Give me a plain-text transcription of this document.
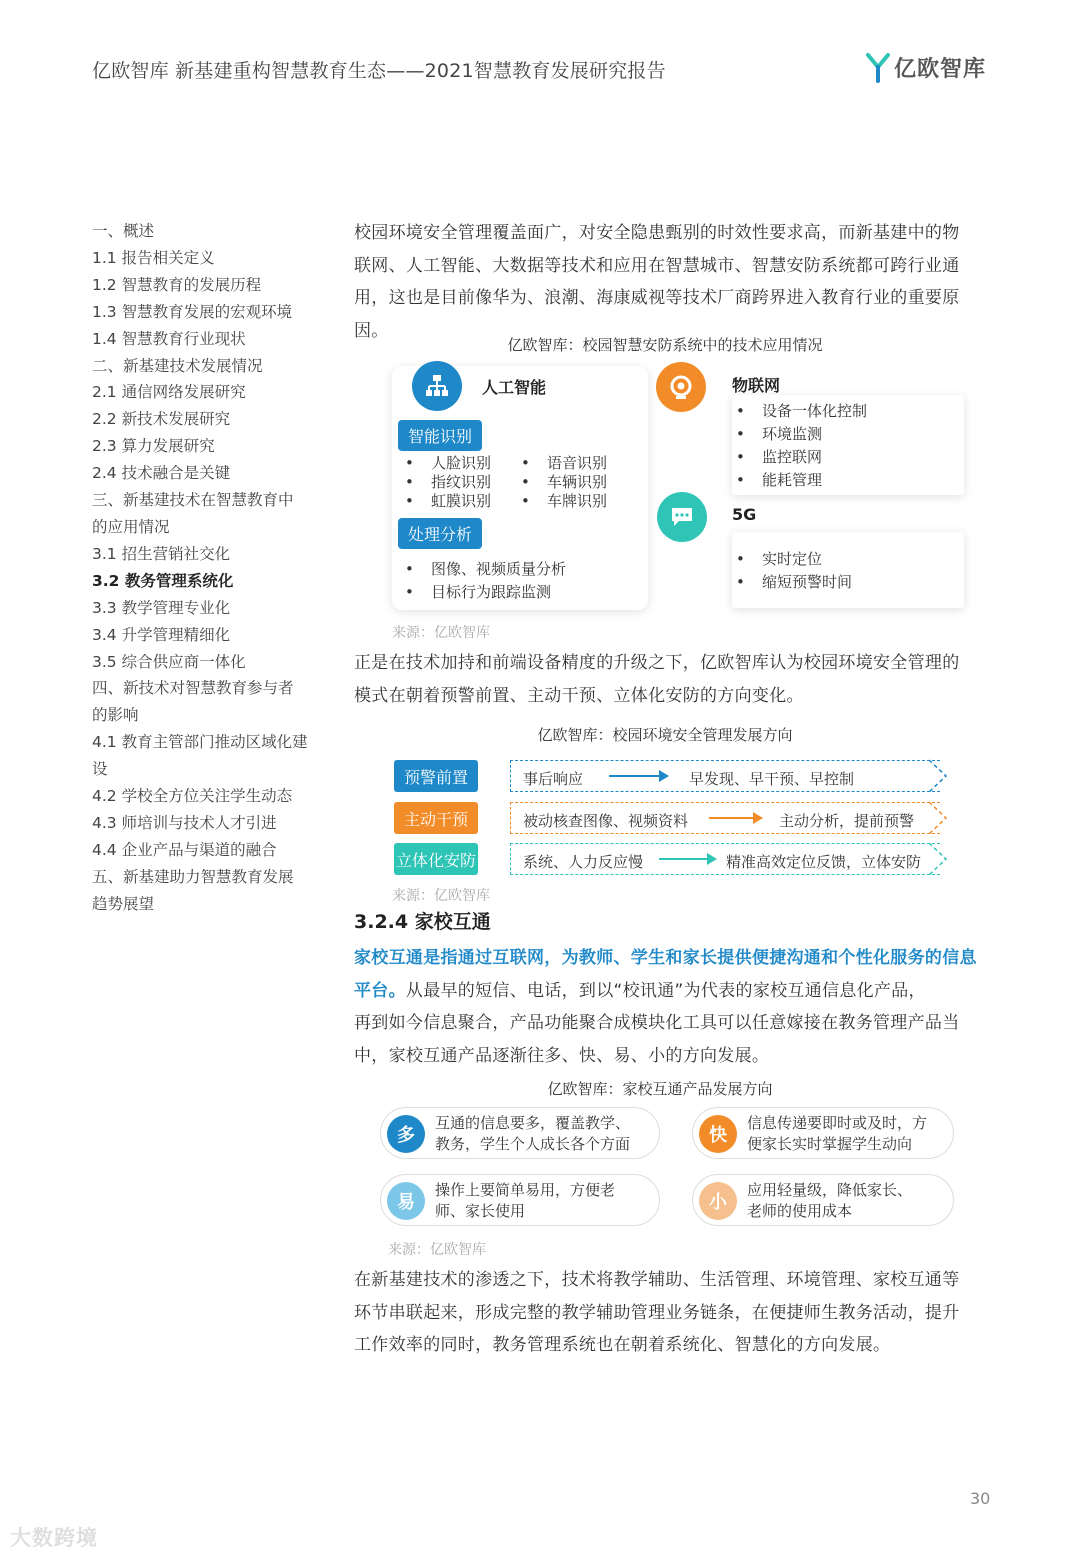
亿欧智库 新基建重构智慧教育生态——2021智慧教育发展研究报告	亿欧智库
一、概述
1.1 报告相关定义
1.2 智慧教育的发展历程
1.3 智慧教育发展的宏观环境
1.4 智慧教育行业现状
二、新基建技术发展情况
2.1 通信网络发展研究
2.2 新技术发展研究
2.3 算力发展研究
2.4 技术融合是关键
三、新基建技术在智慧教育中
的应用情况
3.1 招生营销社交化
3.2 教务管理系统化
3.3 教学管理专业化
3.4 升学管理精细化
3.5 综合供应商一体化
四、新技术对智慧教育参与者
的影响
4.1 教育主管部门推动区域化建
设
4.2 学校全方位关注学生动态
4.3 师培训与技术人才引进
4.4 企业产品与渠道的融合
五、新基建助力智慧教育发展
趋势展望
校园环境安全管理覆盖面广，对安全隐患甄别的时效性要求高，而新基建中的物
联网、人工智能、大数据等技术和应用在智慧城市、智慧安防系统都可跨行业通
用，这也是目前像华为、浪潮、海康威视等技术厂商跨界进入教育行业的重要原
因。
亿欧智库：校园智慧安防系统中的技术应用情况
人工智能
智能识别
• 人脸识别
• 指纹识别
• 虹膜识别
• 语音识别
• 车辆识别
• 车牌识别
处理分析
• 图像、视频质量分析
• 目标行为跟踪监测
物联网
• 设备一体化控制
• 环境监测
• 监控联网
• 能耗管理
5G
• 实时定位
• 缩短预警时间
来源：亿欧智库
正是在技术加持和前端设备精度的升级之下，亿欧智库认为校园环境安全管理的
模式在朝着预警前置、主动干预、立体化安防的方向变化。
亿欧智库：校园环境安全管理发展方向
预警前置	事后响应	早发现、早干预、早控制
主动干预	被动核查图像、视频资料	主动分析，提前预警
立体化安防	系统、人力反应慢	精准高效定位反馈，立体安防
来源：亿欧智库
3.2.4 家校互通
家校互通是指通过互联网，为教师、学生和家长提供便捷沟通和个性化服务的信息平台。从最早的短信、电话，到以“校讯通”为代表的家校互通信息化产品，
再到如今信息聚合，产品功能聚合成模块化工具可以任意嫁接在教务管理产品当
中，家校互通产品逐渐往多、快、易、小的方向发展。
亿欧智库：家校互通产品发展方向
多
互通的信息要多，覆盖教学、
教务，学生个人成长各个方面	快
信息传递要即时或及时，方
便家长实时掌握学生动向
易
操作上要简单易用，方便老
师、家长使用	小
应用轻量级，降低家长、
老师的使用成本
来源：亿欧智库
在新基建技术的渗透之下，技术将教学辅助、生活管理、环境管理、家校互通等
环节串联起来，形成完整的教学辅助管理业务链条，在便捷师生教务活动，提升
工作效率的同时，教务管理系统也在朝着系统化、智慧化的方向发展。
30
大数跨境
